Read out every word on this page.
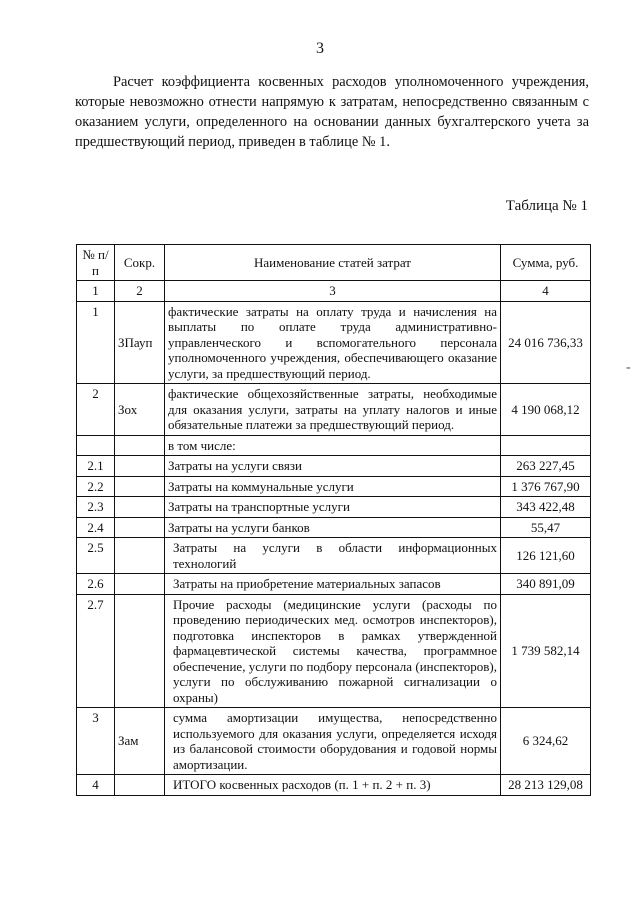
3

Расчет коэффициента косвенных расходов уполномоченного учреждения, которые невозможно отнести напрямую к затратам, непосредственно связанным с оказанием услуги, определенного на основании данных бухгалтерского учета за предшествующий период, приведен в таблице № 1.

Таблица № 1
-
№ п/п	Сокр.	Наименование статей затрат	Сумма, руб.
1	2	3	4
1	ЗПауп	фактические затраты на оплату труда и начисления на выплаты по оплате труда административно-управленческого и вспомогательного персонала уполномоченного учреждения, обеспечивающего оказание услуги, за предшествующий период.	24 016 736,33
2	Зох	фактические общехозяйственные затраты, необходимые для оказания услуги, затраты на уплату налогов и иные обязательные платежи за предшествующий период.	4 190 068,12
		в том числе:	
2.1		Затраты на услуги связи	263 227,45
2.2		Затраты на коммунальные услуги	1 376 767,90
2.3		Затраты на транспортные услуги	343 422,48
2.4		Затраты на услуги банков	55,47
2.5		Затраты на услуги в области информационных технологий	126 121,60
2.6		Затраты на приобретение материальных запасов	340 891,09
2.7		Прочие расходы (медицинские услуги (расходы по проведению периодических мед. осмотров инспекторов), подготовка инспекторов в рамках утвержденной фармацевтической системы качества, программное обеспечение, услуги по подбору персонала (инспекторов), услуги по обслуживанию пожарной сигнализации о охраны)	1 739 582,14
3	Зам	сумма амортизации имущества, непосредственно используемого для оказания услуги, определяется исходя из балансовой стоимости оборудования и годовой нормы амортизации.	6 324,62
4		ИТОГО косвенных расходов (п. 1 + п. 2 + п. 3)	28 213 129,08
